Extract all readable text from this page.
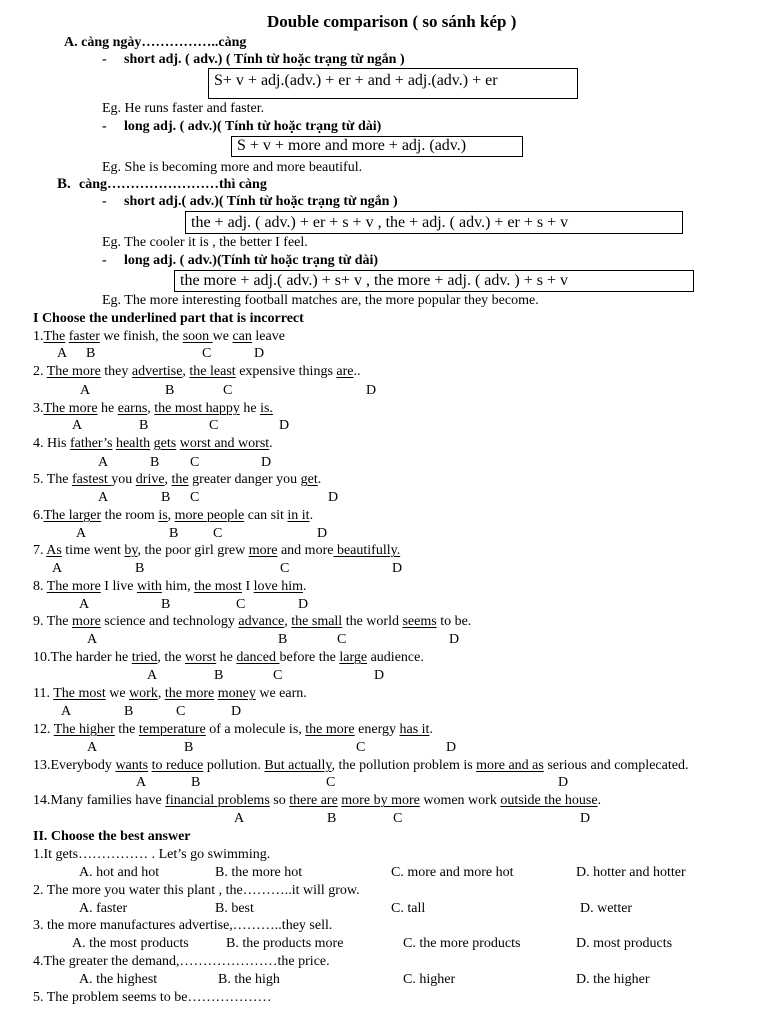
Double comparison ( so sánh kép )
A. càng ngày……………..càng
- short adj. ( adv.) ( Tính từ hoặc trạng từ ngắn )
S+ v + adj.(adv.) + er + and + adj.(adv.) + er
Eg. He runs faster and faster.
- long adj. ( adv.)( Tính từ hoặc trạng từ dài)
S + v + more and more + adj. (adv.)
Eg. She is becoming more and more beautiful.
B. càng……………………thì càng
- short adj.( adv.)( Tính từ hoặc trạng từ ngắn )
the + adj. ( adv.) + er + s + v , the + adj. ( adv.) + er + s + v
Eg. The cooler it is , the better I feel.
- long adj. ( adv.)(Tính từ hoặc trạng từ dài)
the more + adj.( adv.) + s+ v , the more + adj. ( adv. ) + s + v
Eg. The more interesting football matches are, the more popular they become.
I Choose the underlined part that is incorrect
1.The faster we finish, the soon we can leave
A B	C	D
2. The more they advertise, the least expensive things are..
A	B	C	D
3.The more he earns, the most happy he is.
A	B	C	D
4. His father’s health gets worst and worst.
A	B C	D
5. The fastest you drive, the greater danger you get.
A	B C	D
6.The larger the room is, more people can sit in it.
A	B C	D
7. As time went by, the poor girl grew more and more beautifully.
A	B	C	D
8. The more I live with him, the most I love him.
A	B	C	D
9. The more science and technology advance, the small the world seems to be.
A	B	C	D
10.The harder he tried, the worst he danced before the large audience.
A	B	C	D
11. The most we work, the more money we earn.
A	B	C	D
12. The higher the temperature of a molecule is, the more energy has it.
A	B	C	D
13.Everybody wants to reduce pollution. But actually, the pollution problem is more and as serious and complecated.
A	B	C	D
14.Many families have financial problems so there are more by more women work outside the house.
A	B	C	D
II. Choose the best answer
1.It gets…………… . Let’s go swimming.
A. hot and hot	B. the more hot	C. more and more hot	D. hotter and hotter
2. The more you water this plant , the………..it will grow.
A. faster	B. best	C. tall	D. wetter
3. the more manufactures advertise,………..they sell.
A. the most products	B. the products more	C. the more products	D. most products
4.The greater the demand,…………………the price.
A. the highest	B. the high	C. higher	D. the higher
5. The problem seems to be………………
